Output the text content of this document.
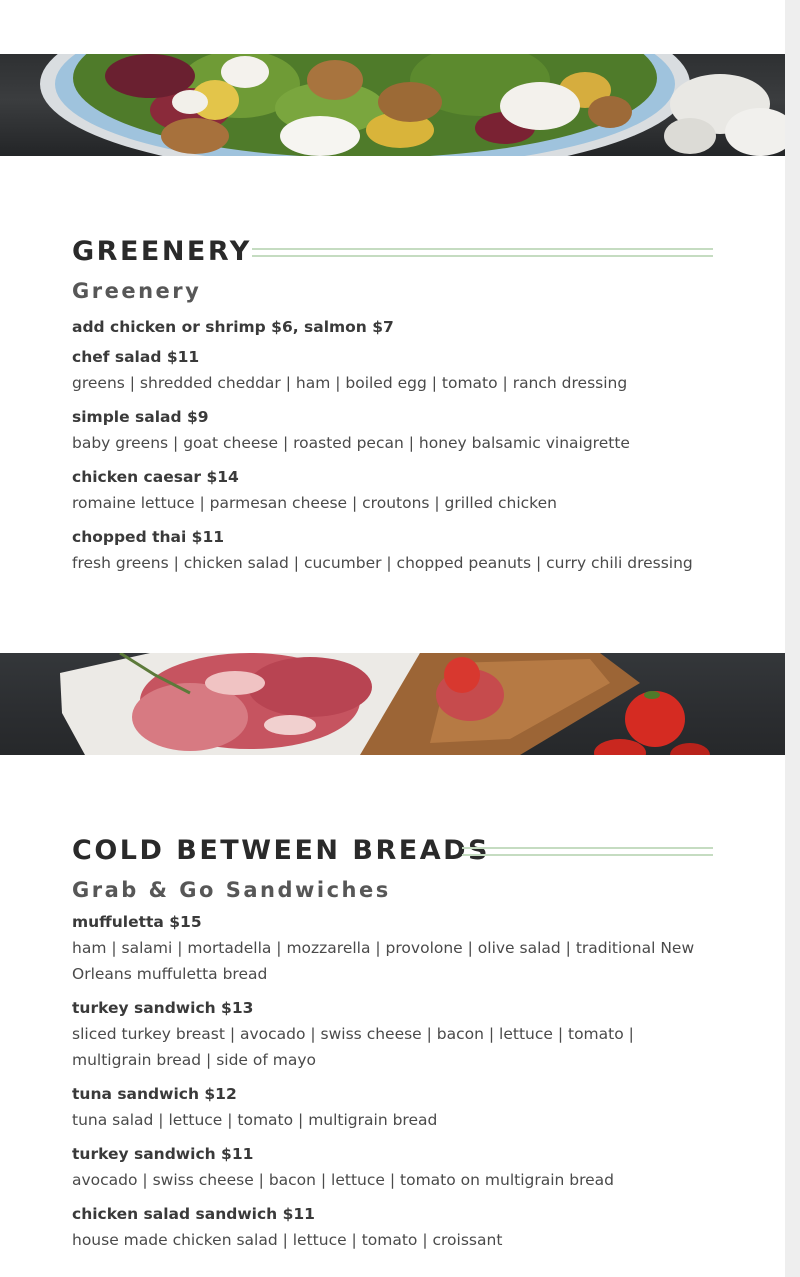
GREENERY
Greenery

add chicken or shrimp $6, salmon $7

chef salad $11
greens | shredded cheddar | ham | boiled egg | tomato | ranch dressing
simple salad $9
baby greens | goat cheese | roasted pecan | honey balsamic vinaigrette
chicken caesar $14
romaine lettuce | parmesan cheese | croutons | grilled chicken
chopped thai $11
fresh greens | chicken salad | cucumber | chopped peanuts | curry chili dressing
COLD BETWEEN BREADS
Grab & Go Sandwiches
muffuletta $15
ham | salami | mortadella | mozzarella | provolone | olive salad | traditional New Orleans muffuletta bread
turkey sandwich $13
sliced turkey breast | avocado | swiss cheese | bacon | lettuce | tomato | multigrain bread | side of mayo
tuna sandwich $12
tuna salad | lettuce | tomato | multigrain bread
turkey sandwich $11
avocado | swiss cheese | bacon | lettuce | tomato on multigrain bread
chicken salad sandwich $11
house made chicken salad | lettuce | tomato | croissant
